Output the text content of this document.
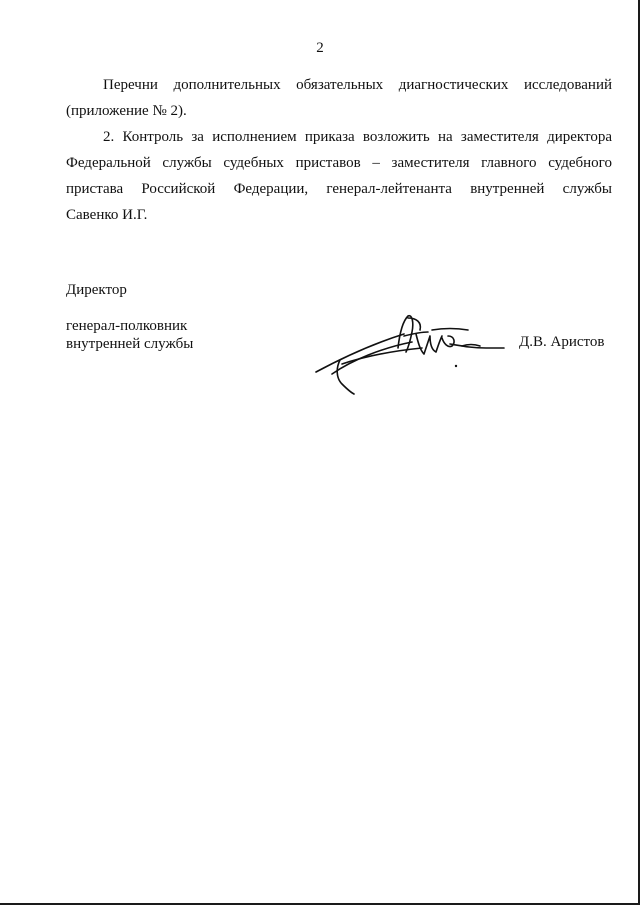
2
Перечни дополнительных обязательных диагностических исследований
(приложение № 2).
2. Контроль за исполнением приказа возложить на заместителя директора
Федеральной службы судебных приставов – заместителя главного судебного
пристава Российской Федерации, генерал-лейтенанта внутренней службы
Савенко И.Г.
Директор
генерал-полковник
внутренней службы	Д.В. Аристов
